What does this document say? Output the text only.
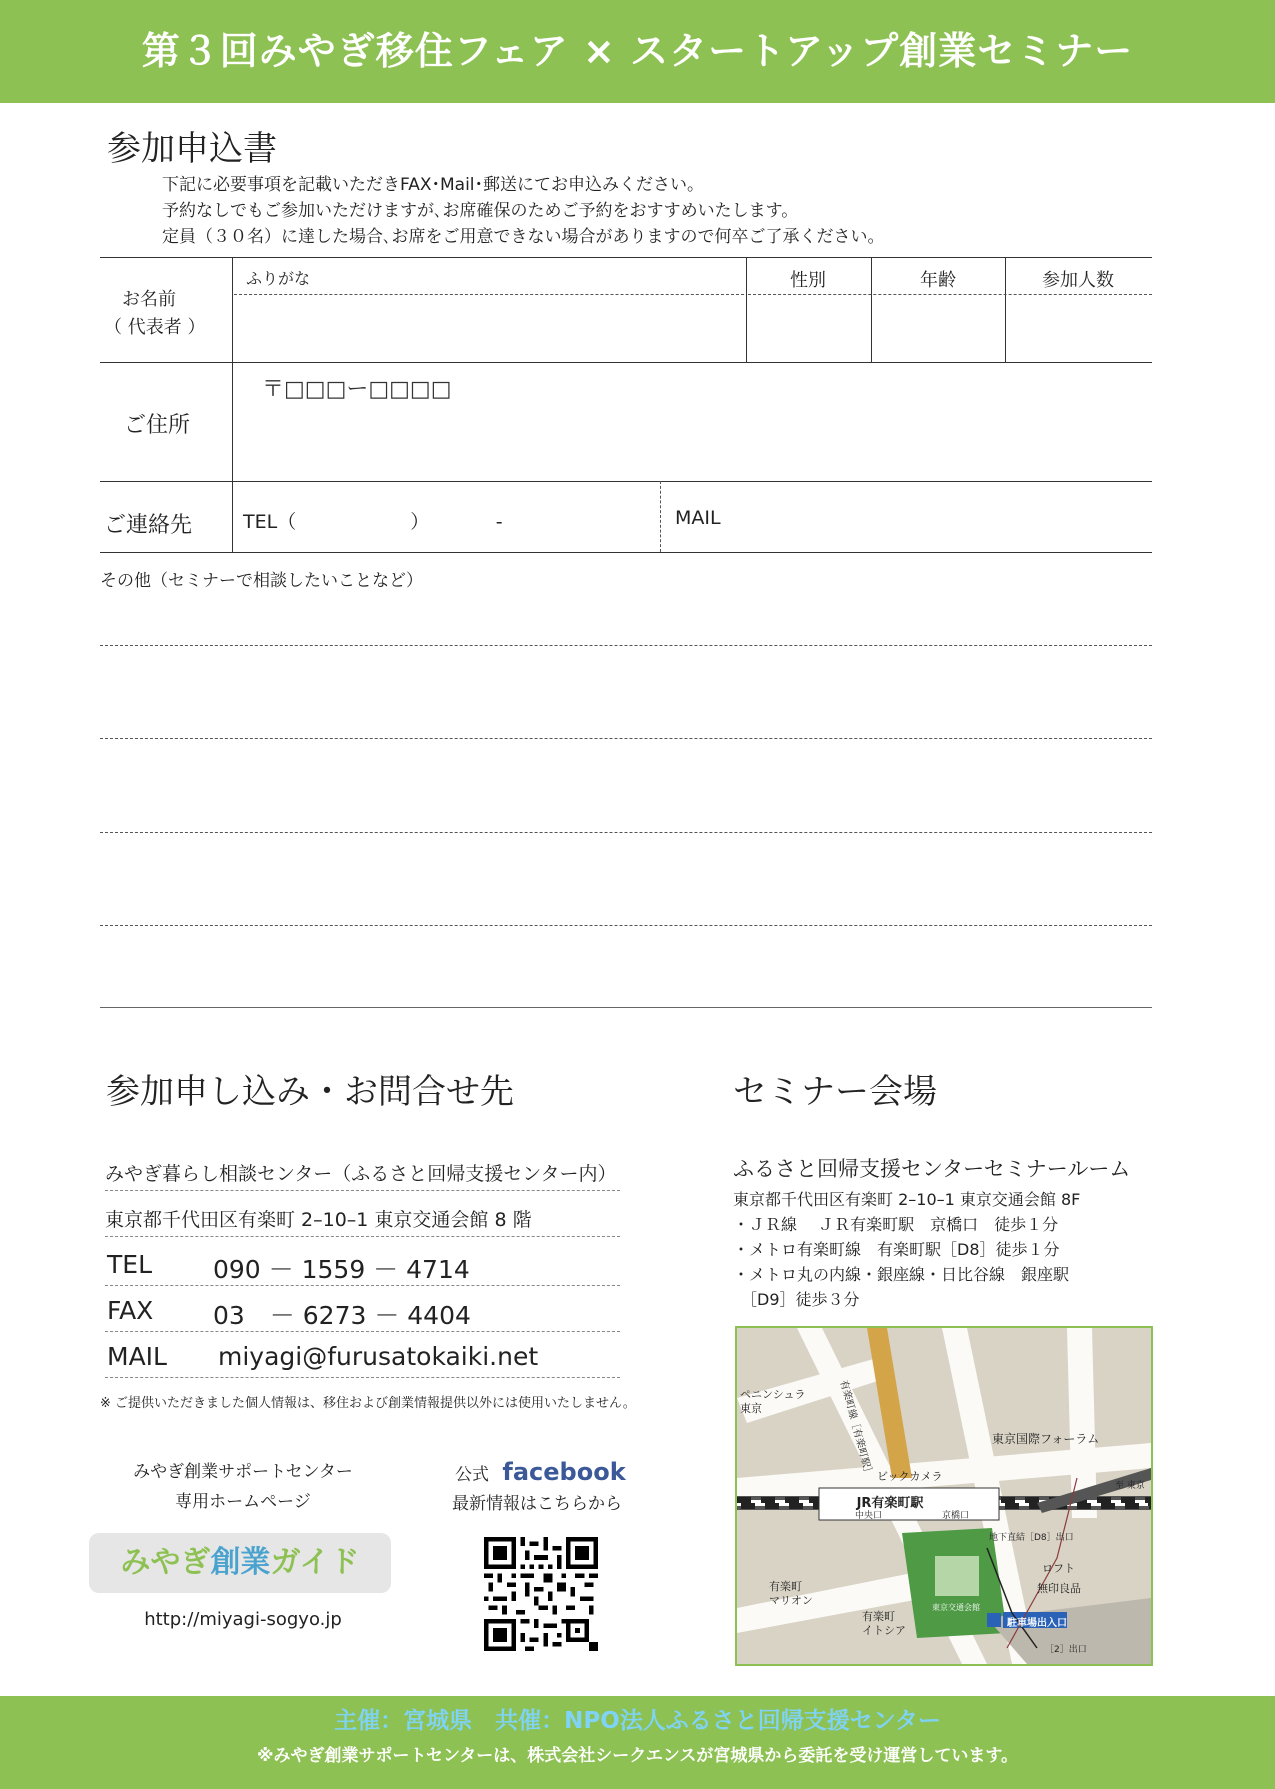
第３回みやぎ移住フェア × スタートアップ創業セミナー
参加申込書
下記に必要事項を記載いただきFAX･Mail･郵送にてお申込みください。
予約なしでもご参加いただけますが､お席確保のためご予約をおすすめいたします。
定員（３０名）に達した場合､お席をご用意できない場合がありますので何卒ご了承ください。
お名前
（ 代表者 ）
ふりがな	性別	年齢	参加人数
ご住所
〒□□□ー□□□□
ご連絡先	TEL（　　　　　　）　　　　-	MAIL
その他（セミナーで相談したいことなど）
参加申し込み・お問合せ先
みやぎ暮らし相談センター（ふるさと回帰支援センター内）
東京都千代田区有楽町 2–10–1 東京交通会館 8 階
TEL 090 － 1559 － 4714
FAX 03　－ 6273 － 4404
MAIL miyagi@furusatokaiki.net
※ ご提供いただきました個人情報は、移住および創業情報提供以外には使用いたしません。
みやぎ創業サポートセンター
専用ホームページ
みやぎ創業ガイド
http://miyagi-sogyo.jp
公式 facebook
最新情報はこちらから
セミナー会場
ふるさと回帰支援センターセミナールーム
東京都千代田区有楽町 2–10–1 東京交通会館 8F
・ＪＲ線　 ＪＲ有楽町駅　京橋口　徒歩１分
・メトロ有楽町線　有楽町駅［D8］徒歩１分
・メトロ丸の内線・銀座線・日比谷線　銀座駅
　［D9］徒歩３分
JR有楽町駅
中央口	京橋口
有楽町線［有楽町駅］
ペニンシュラ
東京
東京国際フォーラム
ビックカメラ
至 東京
地下直結［D8］出口
ロフト
無印良品
東京交通会館
駐車場出入口
有楽町
マリオン
有楽町
イトシア
［2］出口
主催：宮城県　共催：NPO法人ふるさと回帰支援センター
※みやぎ創業サポートセンターは、株式会社シークエンスが宮城県から委託を受け運営しています。
